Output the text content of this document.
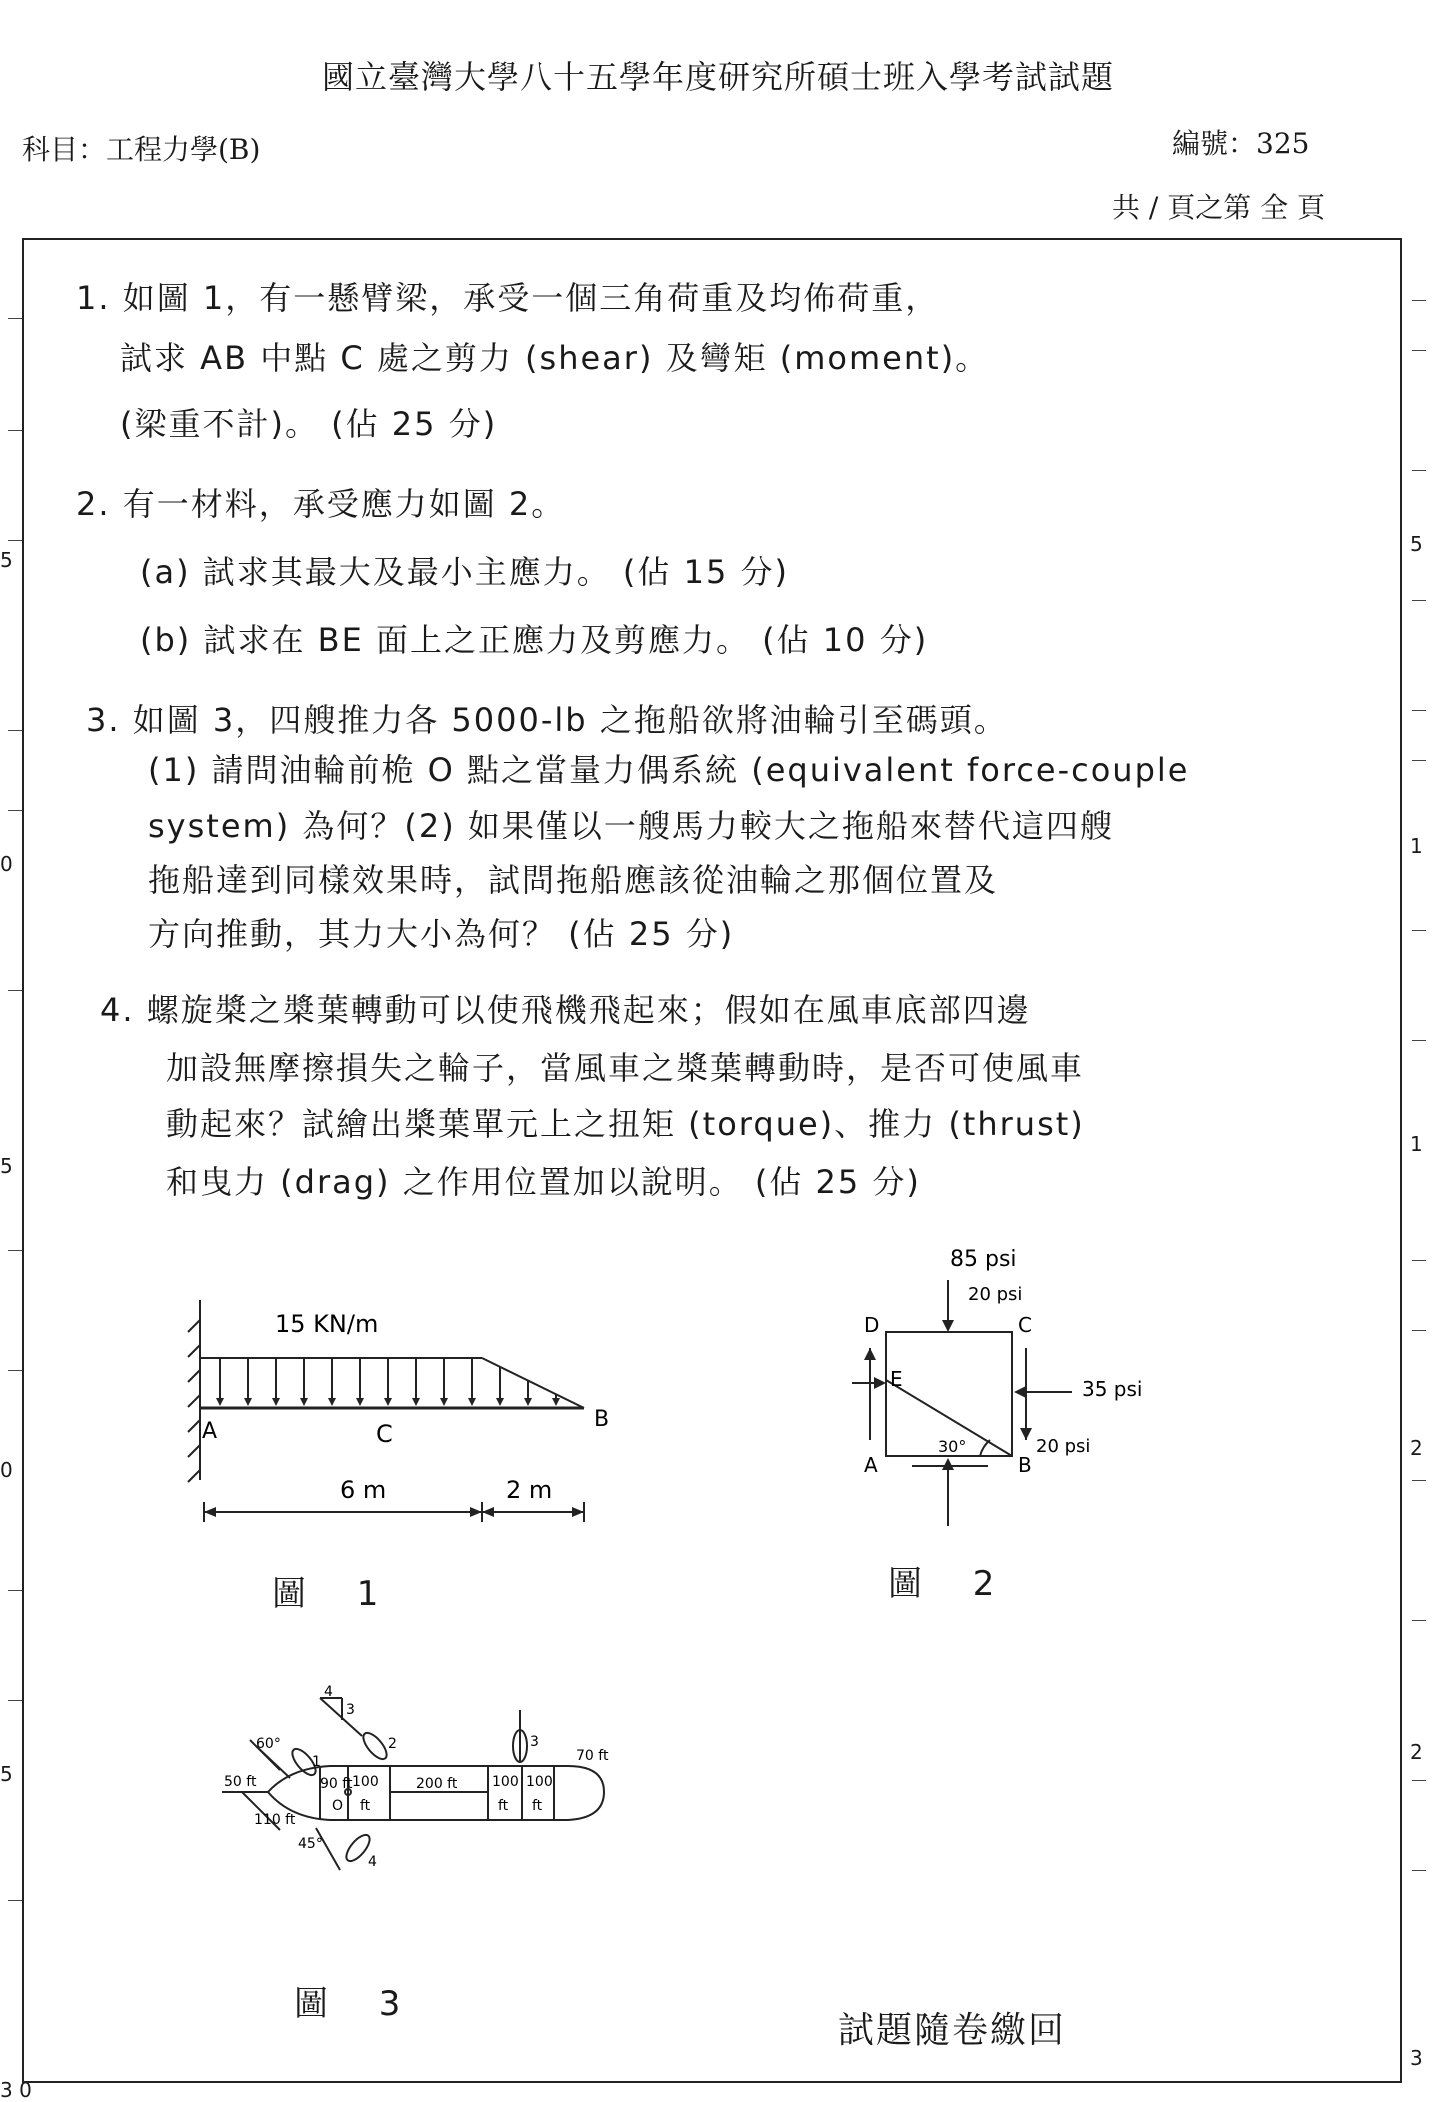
國立臺灣大學八十五學年度研究所碩士班入學考試試題
科目：工程力學(B)	編號：325
共 / 頁之第 全 頁
5
0
5
0
5
3 0
5
1
1
2
2
3
1. 如圖 1，有一懸臂梁，承受一個三角荷重及均佈荷重，
試求 AB 中點 C 處之剪力 (shear) 及彎矩 (moment)。
(梁重不計)。 (佔 25 分)
2. 有一材料，承受應力如圖 2。
(a) 試求其最大及最小主應力。 (佔 15 分)
(b) 試求在 BE 面上之正應力及剪應力。 (佔 10 分)
3. 如圖 3，四艘推力各 5000-lb 之拖船欲將油輪引至碼頭。
(1) 請問油輪前桅 O 點之當量力偶系統 (equivalent force-couple
system) 為何？(2) 如果僅以一艘馬力較大之拖船來替代這四艘
拖船達到同樣效果時，試問拖船應該從油輪之那個位置及
方向推動，其力大小為何？ (佔 25 分)
4. 螺旋槳之槳葉轉動可以使飛機飛起來；假如在風車底部四邊
加設無摩擦損失之輪子，當風車之槳葉轉動時，是否可使風車
動起來？試繪出槳葉單元上之扭矩 (torque)、推力 (thrust)
和曳力 (drag) 之作用位置加以說明。 (佔 25 分)
15 KN/m
A	C
B
6 m	2 m
圖 1
85 psi
20 psi
35 psi
20 psi
30°
D	C
E
A	B
圖 2
50 ft
60°
4
3
1
2	3
4
90 ft 100
ft
O
200 ft 100 100
ft ft
70 ft
110 ft
45°
圖 3
試題隨卷繳回
